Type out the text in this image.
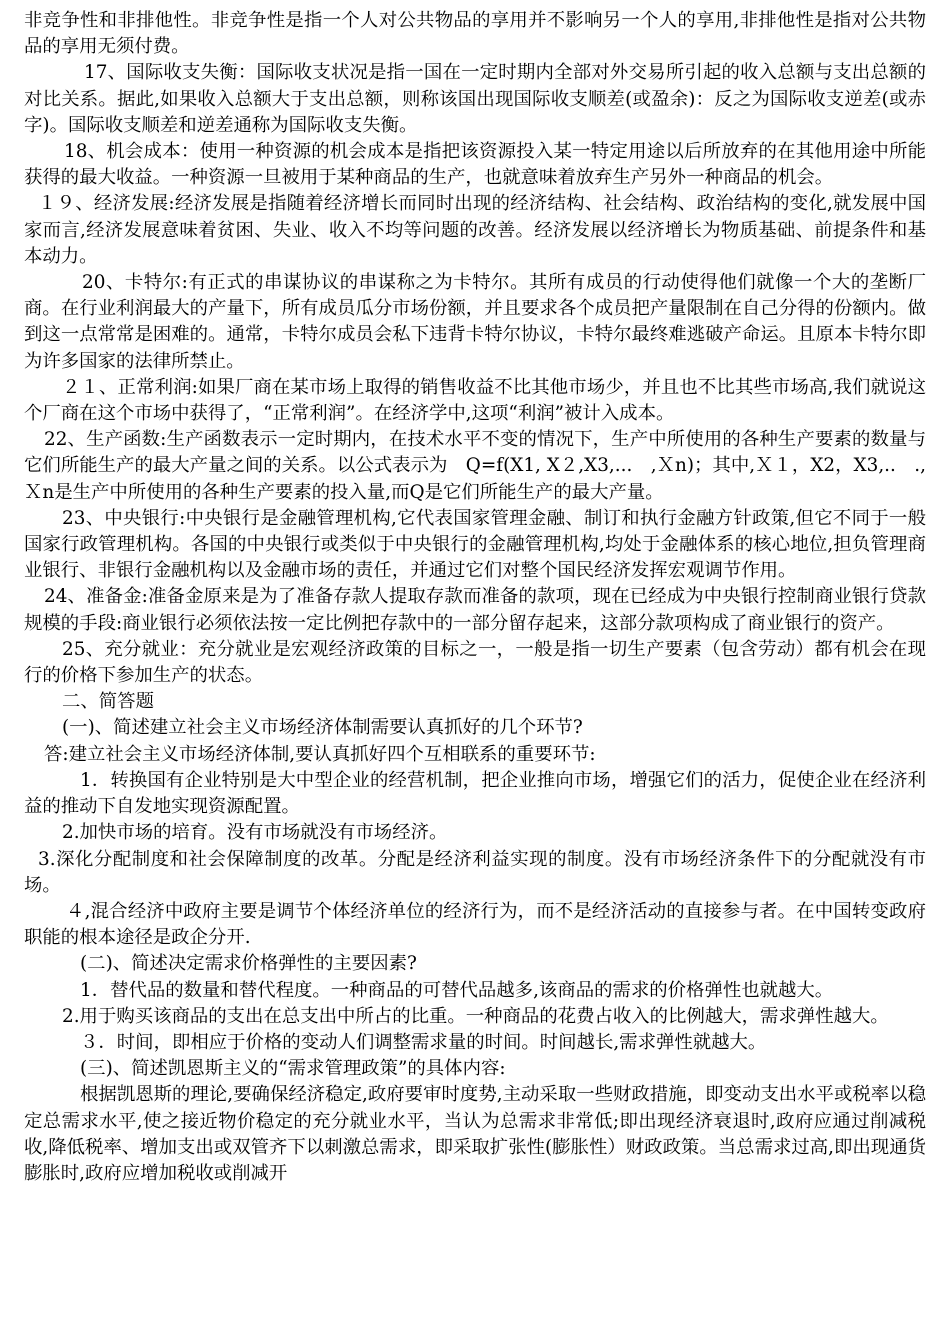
非竞争性和非排他性。非竞争性是指一个人对公共物品的享用并不影响另一个人的享用,非排他性是指对公共物品的享用无须付费。

17、国际收支失衡：国际收支状况是指一国在一定时期内全部对外交易所引起的收入总额与支出总额的对比关系。据此,如果收入总额大于支出总额，则称该国出现国际收支顺差(或盈余)：反之为国际收支逆差(或赤字)。国际收支顺差和逆差通称为国际收支失衡。

18、机会成本：使用一种资源的机会成本是指把该资源投入某一特定用途以后所放弃的在其他用途中所能获得的最大收益。一种资源一旦被用于某种商品的生产，也就意味着放弃生产另外一种商品的机会。

１９、经济发展:经济发展是指随着经济增长而同时出现的经济结构、社会结构、政治结构的变化,就发展中国家而言,经济发展意味着贫困、失业、收入不均等问题的改善。经济发展以经济增长为物质基础、前提条件和基本动力。

20、卡特尔:有正式的串谋协议的串谋称之为卡特尔。其所有成员的行动使得他们就像一个大的垄断厂商。在行业利润最大的产量下，所有成员瓜分市场份额，并且要求各个成员把产量限制在自己分得的份额内。做到这一点常常是困难的。通常，卡特尔成员会私下违背卡特尔协议，卡特尔最终难逃破产命运。且原本卡特尔即为许多国家的法律所禁止。

２１、正常利润:如果厂商在某市场上取得的销售收益不比其他市场少，并且也不比其些市场高,我们就说这个厂商在这个市场中获得了，“正常利润”。在经济学中,这项“利润”被计入成本。

22、生产函数:生产函数表示一定时期内，在技术水平不变的情况下，生产中所使用的各种生产要素的数量与它们所能生产的最大产量之间的关系。以公式表示为　Q=f(X1, X２,X3,...　,Ｘn)；其中,Ｘ１，X2，X3,..　.,Ｘn是生产中所使用的各种生产要素的投入量,而Q是它们所能生产的最大产量。

23、中央银行:中央银行是金融管理机构,它代表国家管理金融、制订和执行金融方针政策,但它不同于一般国家行政管理机构。各国的中央银行或类似于中央银行的金融管理机构,均处于金融体系的核心地位,担负管理商业银行、非银行金融机构以及金融市场的责任，并通过它们对整个国民经济发挥宏观调节作用。

24、准备金:准备金原来是为了准备存款人提取存款而准备的款项，现在已经成为中央银行控制商业银行贷款规模的手段:商业银行必须依法按一定比例把存款中的一部分留存起来，这部分款项构成了商业银行的资产。

25、充分就业：充分就业是宏观经济政策的目标之一，一般是指一切生产要素（包含劳动）都有机会在现行的价格下参加生产的状态。

二、简答题

(一)、简述建立社会主义市场经济体制需要认真抓好的几个环节?

答:建立社会主义市场经济体制,要认真抓好四个互相联系的重要环节:

1．转换国有企业特别是大中型企业的经营机制，把企业推向市场，增强它们的活力，促使企业在经济利益的推动下自发地实现资源配置。

2.加快市场的培育。没有市场就没有市场经济。

3.深化分配制度和社会保障制度的改革。分配是经济利益实现的制度。没有市场经济条件下的分配就没有市场。

４,混合经济中政府主要是调节个体经济单位的经济行为，而不是经济活动的直接参与者。在中国转变政府职能的根本途径是政企分开.

(二)、简述决定需求价格弹性的主要因素?

1．替代品的数量和替代程度。一种商品的可替代品越多,该商品的需求的价格弹性也就越大。

2.用于购买该商品的支出在总支出中所占的比重。一种商品的花费占收入的比例越大，需求弹性越大。

３．时间，即相应于价格的变动人们调整需求量的时间。时间越长,需求弹性就越大。

(三)、简述凯恩斯主义的“需求管理政策”的具体内容:

根据凯恩斯的理论,要确保经济稳定,政府要审时度势,主动采取一些财政措施，即变动支出水平或税率以稳定总需求水平,使之接近物价稳定的充分就业水平，当认为总需求非常低;即出现经济衰退时,政府应通过削减税收,降低税率、增加支出或双管齐下以刺激总需求，即采取扩张性(膨胀性）财政政策。当总需求过高,即出现通货膨胀时,政府应增加税收或削减开
